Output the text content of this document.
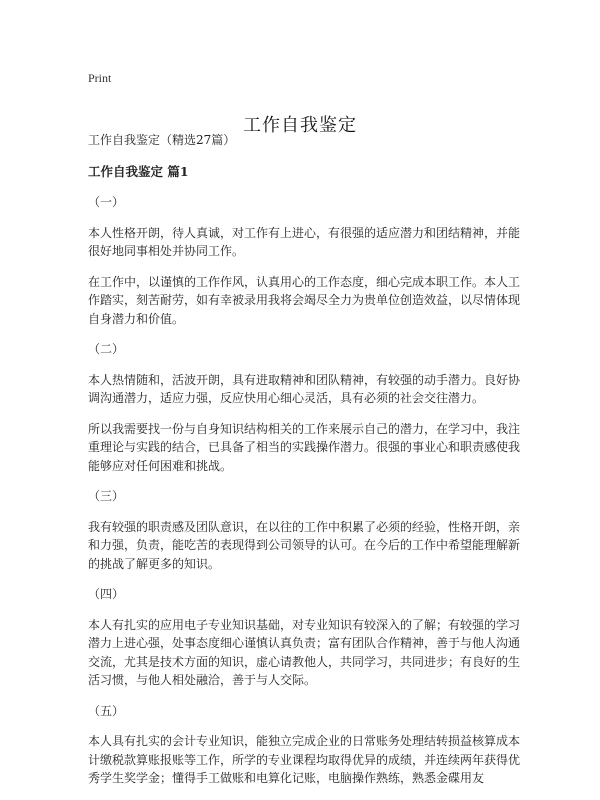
Print
工作自我鉴定

工作自我鉴定（精选27篇）

工作自我鉴定 篇1

（一）

本人性格开朗，待人真诚，对工作有上进心，有很强的适应潜力和团结精神，并能很好地同事相处并协同工作。

在工作中，以谨慎的工作作风，认真用心的工作态度，细心完成本职工作。本人工作踏实，刻苦耐劳，如有幸被录用我将会竭尽全力为贵单位创造效益，以尽情体现自身潜力和价值。

（二）

本人热情随和，活波开朗，具有进取精神和团队精神，有较强的动手潜力。良好协调沟通潜力，适应力强，反应快用心细心灵活，具有必须的社会交往潜力。

所以我需要找一份与自身知识结构相关的工作来展示自己的潜力，在学习中，我注重理论与实践的结合，已具备了相当的实践操作潜力。很强的事业心和职责感使我能够应对任何困难和挑战。

（三）

我有较强的职责感及团队意识，在以往的工作中积累了必须的经验，性格开朗，亲和力强，负责，能吃苦的表现得到公司领导的认可。在今后的工作中希望能理解新的挑战了解更多的知识。

（四）

本人有扎实的应用电子专业知识基础，对专业知识有较深入的了解；有较强的学习潜力上进心强，处事态度细心谨慎认真负责；富有团队合作精神，善于与他人沟通交流，尤其是技术方面的知识，虚心请教他人，共同学习，共同进步；有良好的生活习惯，与他人相处融洽，善于与人交际。

（五）

本人具有扎实的会计专业知识，能独立完成企业的日常账务处理结转损益核算成本计缴税款算账报账等工作，所学的专业课程均取得优异的成绩，并连续两年获得优秀学生奖学金；懂得手工做账和电算化记账，电脑操作熟练，熟悉金碟用友
